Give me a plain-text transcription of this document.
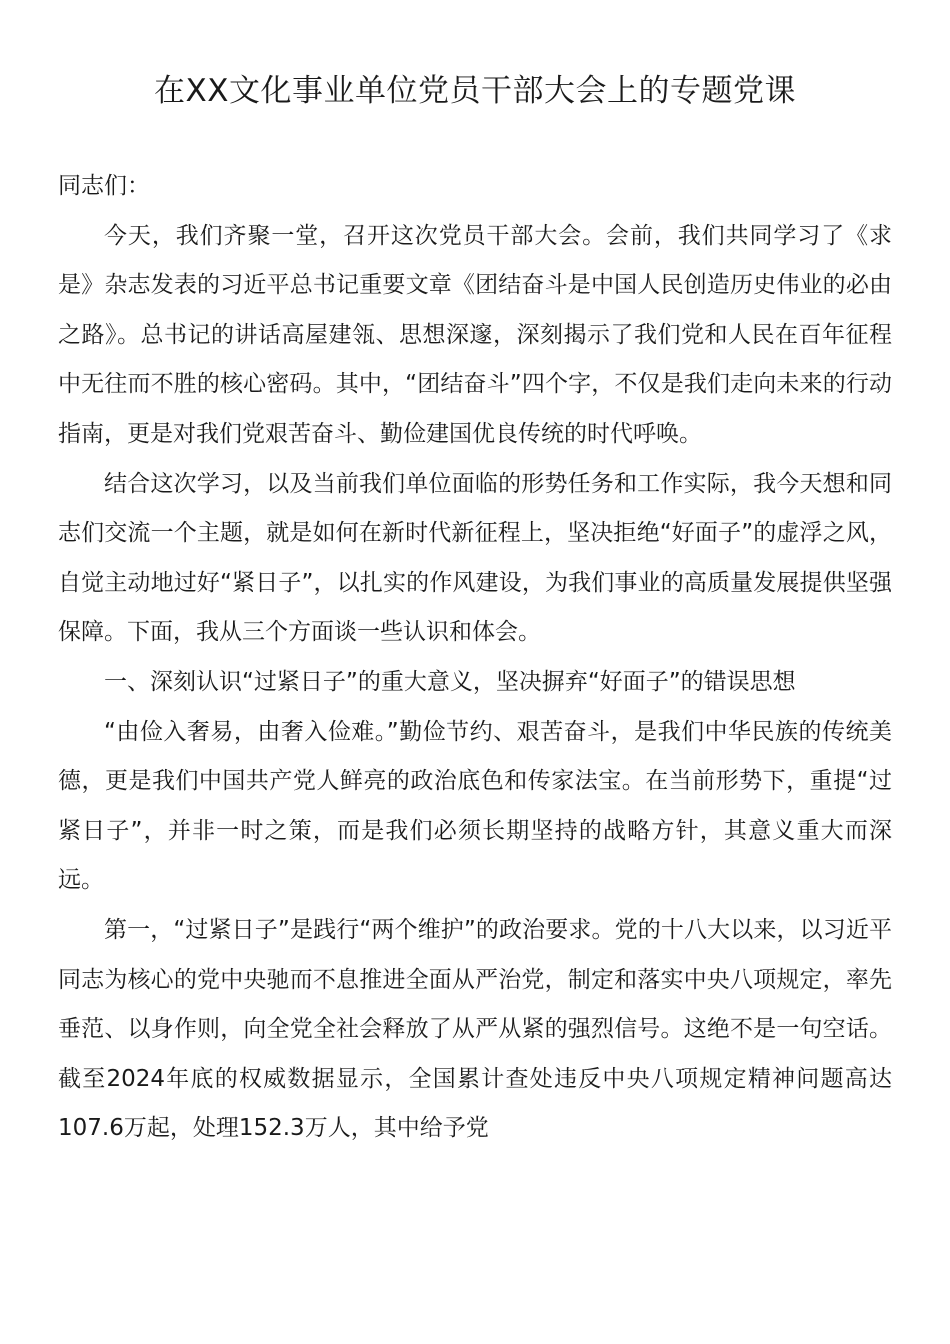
在XX文化事业单位党员干部大会上的专题党课

同志们：

今天，我们齐聚一堂，召开这次党员干部大会。会前，我们共同学习了《求是》杂志发表的习近平总书记重要文章《团结奋斗是中国人民创造历史伟业的必由之路》。总书记的讲话高屋建瓴、思想深邃，深刻揭示了我们党和人民在百年征程中无往而不胜的核心密码。其中，“团结奋斗”四个字，不仅是我们走向未来的行动指南，更是对我们党艰苦奋斗、勤俭建国优良传统的时代呼唤。

结合这次学习，以及当前我们单位面临的形势任务和工作实际，我今天想和同志们交流一个主题，就是如何在新时代新征程上，坚决拒绝“好面子”的虚浮之风，自觉主动地过好“紧日子”，以扎实的作风建设，为我们事业的高质量发展提供坚强保障。下面，我从三个方面谈一些认识和体会。

一、深刻认识“过紧日子”的重大意义，坚决摒弃“好面子”的错误思想

“由俭入奢易，由奢入俭难。”勤俭节约、艰苦奋斗，是我们中华民族的传统美德，更是我们中国共产党人鲜亮的政治底色和传家法宝。在当前形势下，重提“过紧日子”，并非一时之策，而是我们必须长期坚持的战略方针，其意义重大而深远。

第一，“过紧日子”是践行“两个维护”的政治要求。党的十八大以来，以习近平同志为核心的党中央驰而不息推进全面从严治党，制定和落实中央八项规定，率先垂范、以身作则，向全党全社会释放了从严从紧的强烈信号。这绝不是一句空话。截至2024年底的权威数据显示，全国累计查处违反中央八项规定精神问题高达107.6万起，处理152.3万人，其中给予党
